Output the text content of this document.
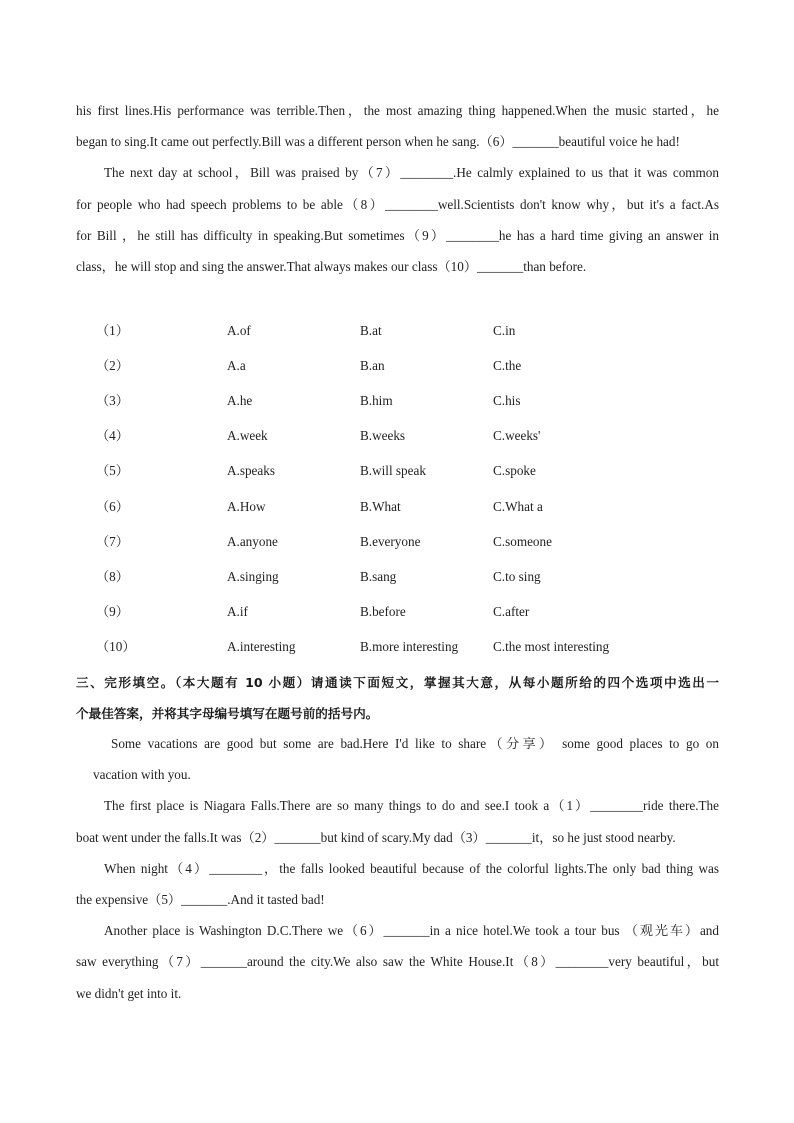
his first lines.His performance was terrible.Then，the most amazing thing happened.When the music started，he
began to sing.It came out perfectly.Bill was a different person when he sang.（6）_______beautiful voice he had!
The next day at school，Bill was praised by（7）________.He calmly explained to us that it was common
for people who had speech problems to be able（8）________well.Scientists don't know why，but it's a fact.As
for Bill ，he still has difficulty in speaking.But sometimes（9）________he has a hard time giving an answer in
class，he will stop and sing the answer.That always makes our class（10）_______than before.
（1）	A.of	B.at	C.in
（2）	A.a	B.an	C.the
（3）	A.he	B.him	C.his
（4）	A.week	B.weeks	C.weeks'
（5）	A.speaks	B.will speak	C.spoke
（6）	A.How	B.What	C.What a
（7）	A.anyone	B.everyone	C.someone
（8）	A.singing	B.sang	C.to sing
（9）	A.if	B.before	C.after
（10）	A.interesting	B.more interesting	C.the most interesting
三、完形填空。（本大题有 10 小题）请通读下面短文，掌握其大意，从每小题所给的四个选项中选出一
个最佳答案，并将其字母编号填写在题号前的括号内。
Some vacations are good but some are bad.Here I'd like to share（分享） some good places to go on
vacation with you.
The first place is Niagara Falls.There are so many things to do and see.I took a（1）________ride there.The
boat went under the falls.It was（2）_______but kind of scary.My dad（3）_______it，so he just stood nearby.
When night（4）________，the falls looked beautiful because of the colorful lights.The only bad thing was
the expensive（5）_______.And it tasted bad!
Another place is Washington D.C.There we（6）_______in a nice hotel.We took a tour bus （观光车）and
saw everything（7）_______around the city.We also saw the White House.It（8）________very beautiful，but
we didn't get into it.
